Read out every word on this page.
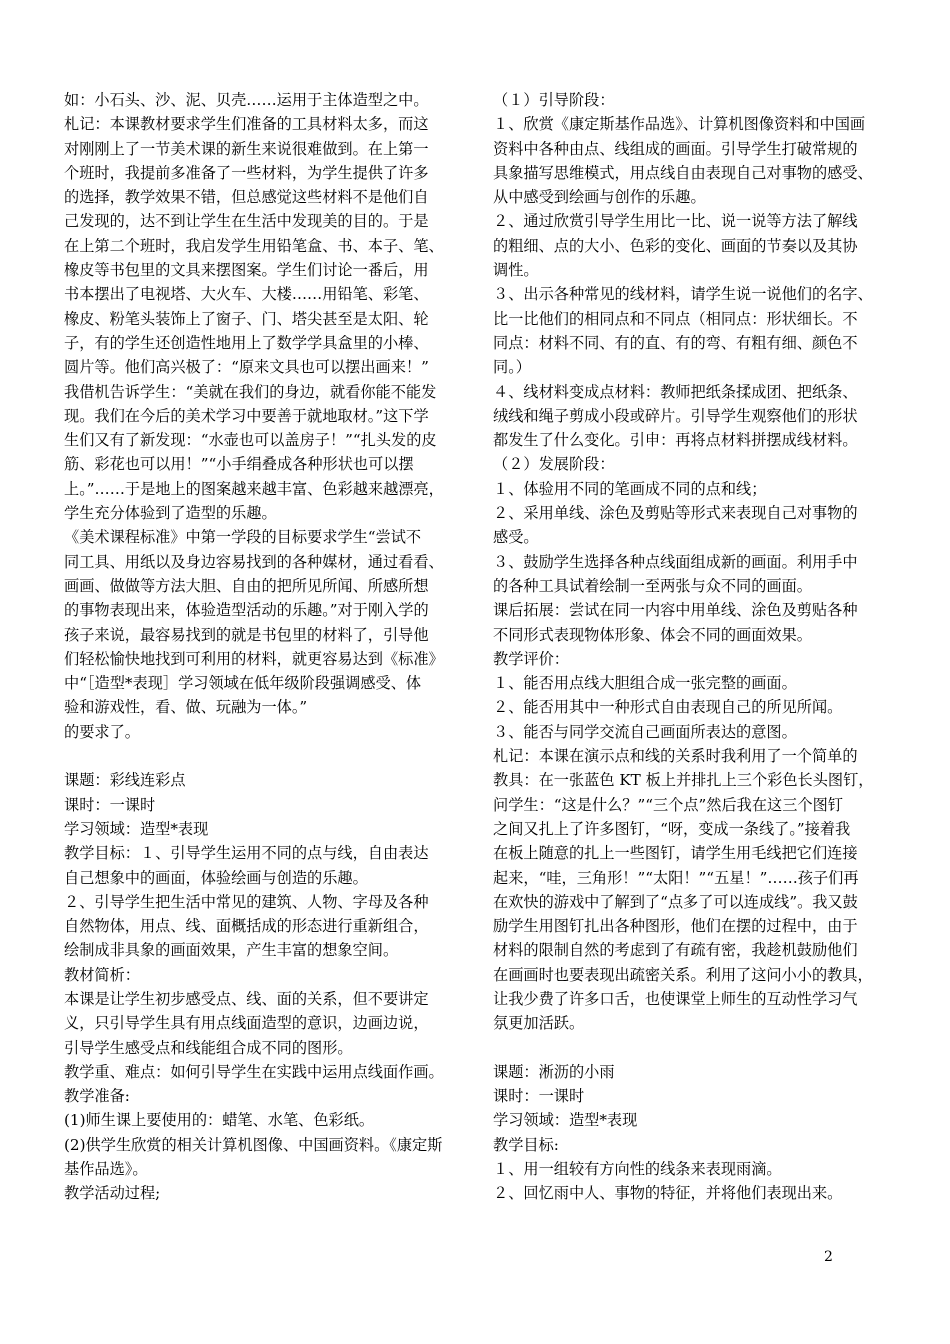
如：小石头、沙、泥、贝壳……运用于主体造型之中。
札记：本课教材要求学生们准备的工具材料太多，而这
对刚刚上了一节美术课的新生来说很难做到。在上第一
个班时，我提前多准备了一些材料，为学生提供了许多
的选择，教学效果不错，但总感觉这些材料不是他们自
己发现的，达不到让学生在生活中发现美的目的。于是
在上第二个班时，我启发学生用铅笔盒、书、本子、笔、
橡皮等书包里的文具来摆图案。学生们讨论一番后，用
书本摆出了电视塔、大火车、大楼……用铅笔、彩笔、
橡皮、粉笔头装饰上了窗子、门、塔尖甚至是太阳、轮
子，有的学生还创造性地用上了数学学具盒里的小棒、
圆片等。他们高兴极了：“原来文具也可以摆出画来！”
我借机告诉学生：“美就在我们的身边，就看你能不能发
现。我们在今后的美术学习中要善于就地取材。”这下学
生们又有了新发现：“水壶也可以盖房子！”“扎头发的皮
筋、彩花也可以用！”“小手绢叠成各种形状也可以摆
上。”……于是地上的图案越来越丰富、色彩越来越漂亮，
学生充分体验到了造型的乐趣。
《美术课程标准》中第一学段的目标要求学生“尝试不
同工具、用纸以及身边容易找到的各种媒材，通过看看、
画画、做做等方法大胆、自由的把所见所闻、所感所想
的事物表现出来，体验造型活动的乐趣。”对于刚入学的
孩子来说，最容易找到的就是书包里的材料了，引导他
们轻松愉快地找到可利用的材料，就更容易达到《标准》
中“［造型*表现］学习领域在低年级阶段强调感受、体
验和游戏性，看、做、玩融为一体。”
的要求了。
课题：彩线连彩点
课时：一课时
学习领域：造型*表现
教学目标：１、引导学生运用不同的点与线，自由表达
自己想象中的画面，体验绘画与创造的乐趣。
２、引导学生把生活中常见的建筑、人物、字母及各种
自然物体，用点、线、面概括成的形态进行重新组合，
绘制成非具象的画面效果，产生丰富的想象空间。
教材简析：
本课是让学生初步感受点、线、面的关系，但不要讲定
义，只引导学生具有用点线面造型的意识，边画边说，
引导学生感受点和线能组合成不同的图形。
教学重、难点：如何引导学生在实践中运用点线面作画。
教学准备:
(1)师生课上要使用的：蜡笔、水笔、色彩纸。
(2)供学生欣赏的相关计算机图像、中国画资料。《康定斯
基作品选》。
教学活动过程;
（１）引导阶段：
１、欣赏《康定斯基作品选》、计算机图像资料和中国画
资料中各种由点、线组成的画面。引导学生打破常规的
具象描写思维模式，用点线自由表现自己对事物的感受、
从中感受到绘画与创作的乐趣。
２、通过欣赏引导学生用比一比、说一说等方法了解线
的粗细、点的大小、色彩的变化、画面的节奏以及其协
调性。
３、出示各种常见的线材料，请学生说一说他们的名字、
比一比他们的相同点和不同点（相同点：形状细长。不
同点：材料不同、有的直、有的弯、有粗有细、颜色不
同。）
４、线材料变成点材料：教师把纸条揉成团、把纸条、
绒线和绳子剪成小段或碎片。引导学生观察他们的形状
都发生了什么变化。引申：再将点材料拼摆成线材料。
（２）发展阶段：
１、体验用不同的笔画成不同的点和线；
２、采用单线、涂色及剪贴等形式来表现自己对事物的
感受。
３、鼓励学生选择各种点线面组成新的画面。利用手中
的各种工具试着绘制一至两张与众不同的画面。
课后拓展：尝试在同一内容中用单线、涂色及剪贴各种
不同形式表现物体形象、体会不同的画面效果。
教学评价：
１、能否用点线大胆组合成一张完整的画面。
２、能否用其中一种形式自由表现自己的所见所闻。
３、能否与同学交流自己画面所表达的意图。
札记：本课在演示点和线的关系时我利用了一个简单的
教具：在一张蓝色 KT 板上并排扎上三个彩色长头图钉，
问学生：“这是什么？”“三个点”然后我在这三个图钉
之间又扎上了许多图钉，“呀，变成一条线了。”接着我
在板上随意的扎上一些图钉，请学生用毛线把它们连接
起来，“哇，三角形！”“太阳！”“五星！”……孩子们再
在欢快的游戏中了解到了“点多了可以连成线”。我又鼓
励学生用图钉扎出各种图形，他们在摆的过程中，由于
材料的限制自然的考虑到了有疏有密，我趁机鼓励他们
在画画时也要表现出疏密关系。利用了这问小小的教具，
让我少费了许多口舌，也使课堂上师生的互动性学习气
氛更加活跃。
课题：淅沥的小雨
课时：一课时
学习领域：造型*表现
教学目标:
１、用一组较有方向性的线条来表现雨滴。
２、回忆雨中人、事物的特征，并将他们表现出来。
2
